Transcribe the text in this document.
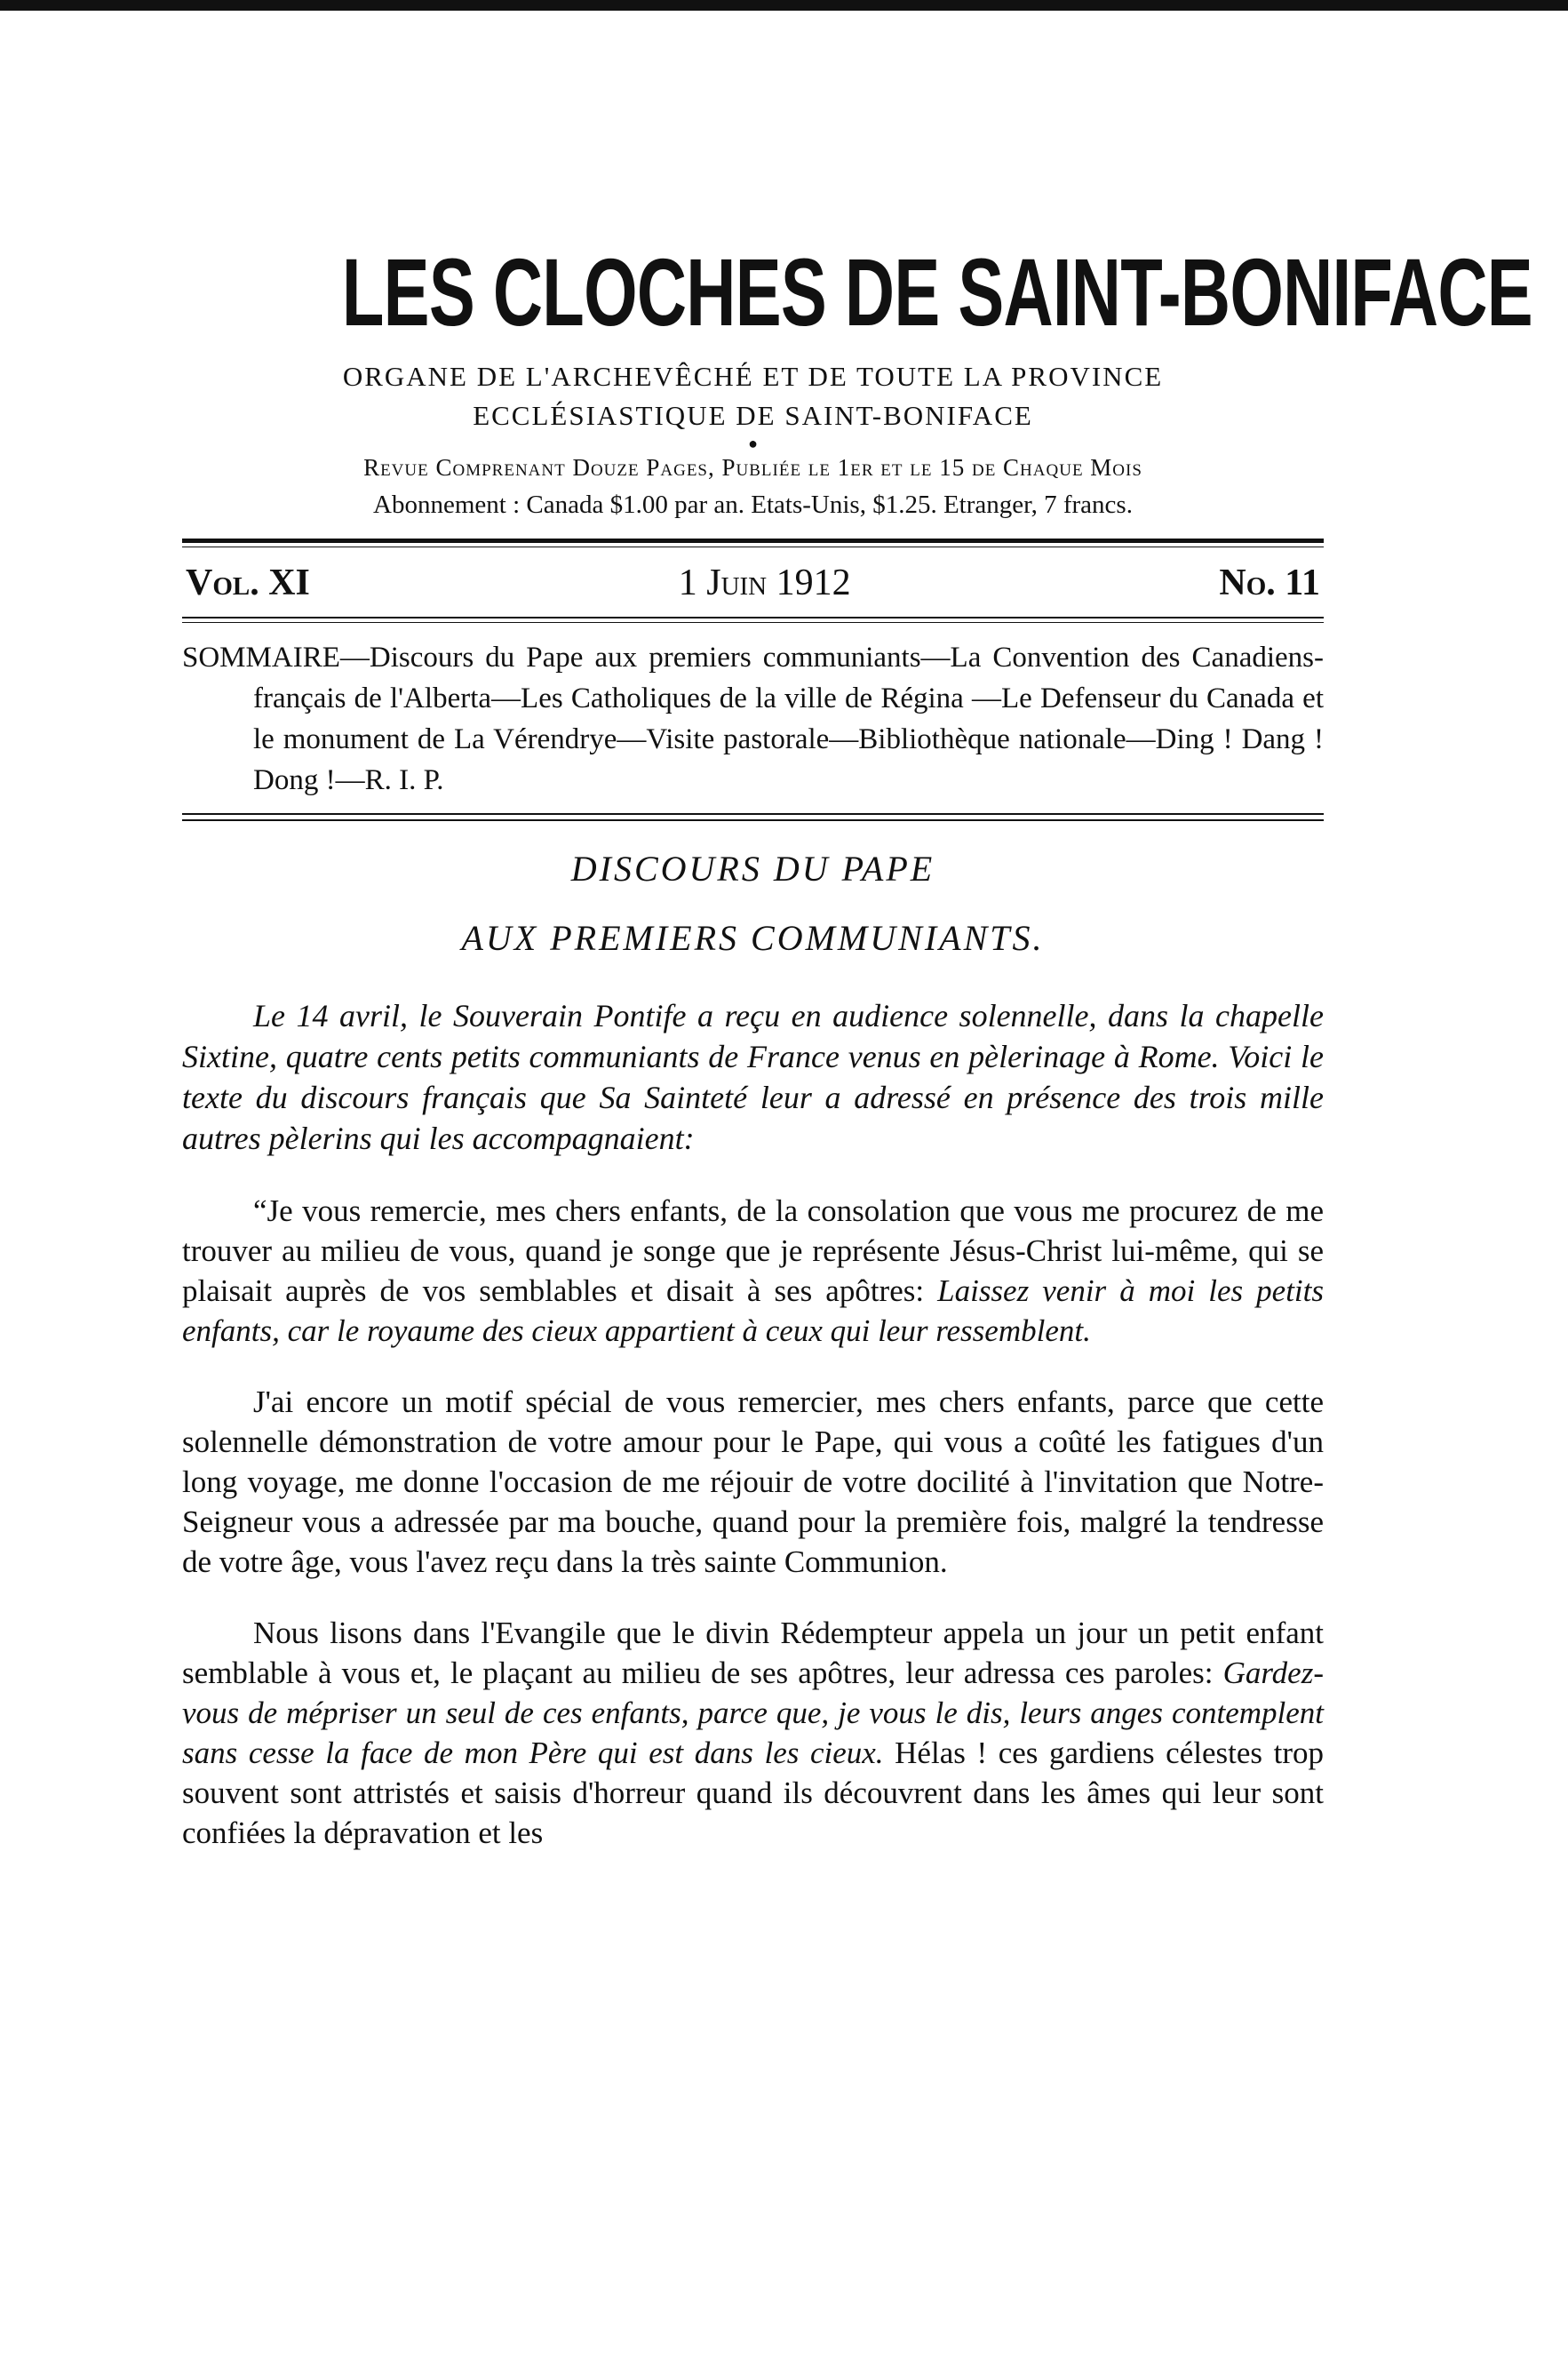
LES CLOCHES DE SAINT-BONIFACE
ORGANE DE L'ARCHEVÊCHÉ ET DE TOUTE LA PROVINCE
ECCLÉSIASTIQUE DE SAINT-BONIFACE
●
Revue Comprenant Douze Pages, Publiée le 1er et le 15 de Chaque Mois
Abonnement : Canada $1.00 par an. Etats-Unis, $1.25. Etranger, 7 francs.
Vol. XI	1 Juin 1912	No. 11
SOMMAIRE—Discours du Pape aux premiers communiants—La Convention des Canadiens-français de l'Alberta—Les Catholiques de la ville de Régina —Le Defenseur du Canada et le monument de La Vérendrye—Visite pastorale—Bibliothèque nationale—Ding ! Dang ! Dong !—R. I. P.
DISCOURS DU PAPE
AUX PREMIERS COMMUNIANTS.

Le 14 avril, le Souverain Pontife a reçu en audience solennelle, dans la chapelle Sixtine, quatre cents petits communiants de France venus en pèlerinage à Rome. Voici le texte du discours français que Sa Sainteté leur a adressé en présence des trois mille autres pèlerins qui les accompagnaient:

“Je vous remercie, mes chers enfants, de la consolation que vous me procurez de me trouver au milieu de vous, quand je songe que je représente Jésus-Christ lui-même, qui se plaisait auprès de vos semblables et disait à ses apôtres: Laissez venir à moi les petits enfants, car le royaume des cieux appartient à ceux qui leur ressemblent.

J'ai encore un motif spécial de vous remercier, mes chers enfants, parce que cette solennelle démonstration de votre amour pour le Pape, qui vous a coûté les fatigues d'un long voyage, me donne l'occasion de me réjouir de votre docilité à l'invitation que Notre-Seigneur vous a adressée par ma bouche, quand pour la première fois, malgré la tendresse de votre âge, vous l'avez reçu dans la très sainte Communion.

Nous lisons dans l'Evangile que le divin Rédempteur appela un jour un petit enfant semblable à vous et, le plaçant au milieu de ses apôtres, leur adressa ces paroles: Gardez-vous de mépriser un seul de ces enfants, parce que, je vous le dis, leurs anges contemplent sans cesse la face de mon Père qui est dans les cieux. Hélas ! ces gardiens célestes trop souvent sont attristés et saisis d'horreur quand ils découvrent dans les âmes qui leur sont confiées la dépravation et les
